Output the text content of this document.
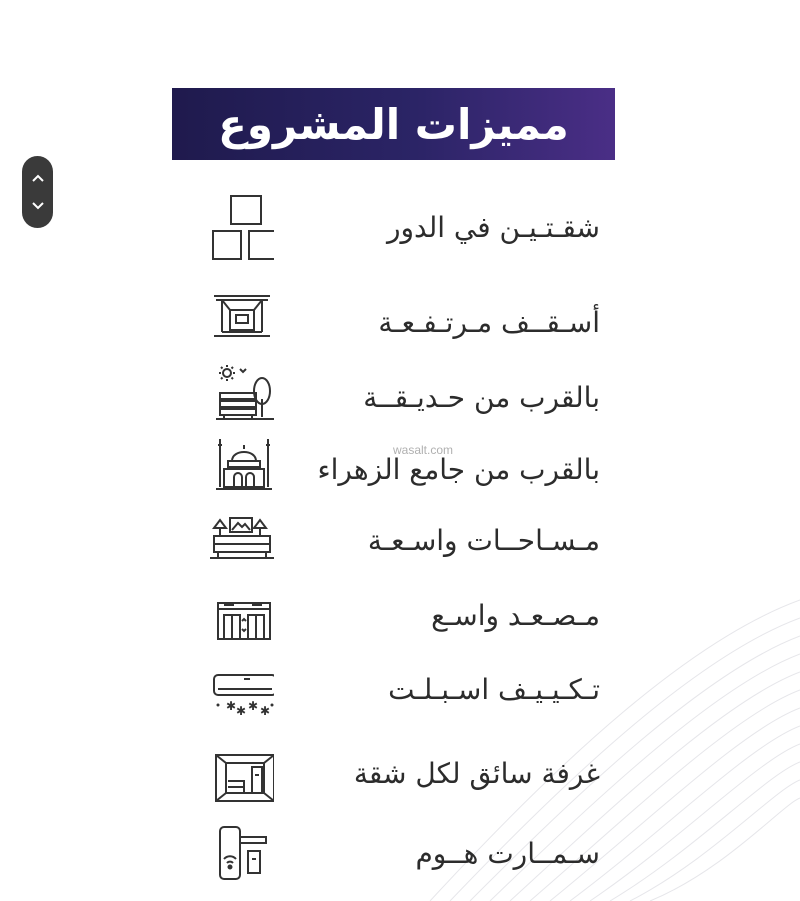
مميزات المشروع
wasalt.com
شقـتـيـن في الدور
أسـقــف مـرتـفـعـة
بالقرب من حـديـقــة
بالقرب من جامع الزهراء
مـسـاحــات واسـعـة
مـصـعـد واسـع
✱ ✱ ✱ ✱
تـكـيـيـف اسـبـلـت
غرفة سائق لكل شقة
سـمــارت هــوم
